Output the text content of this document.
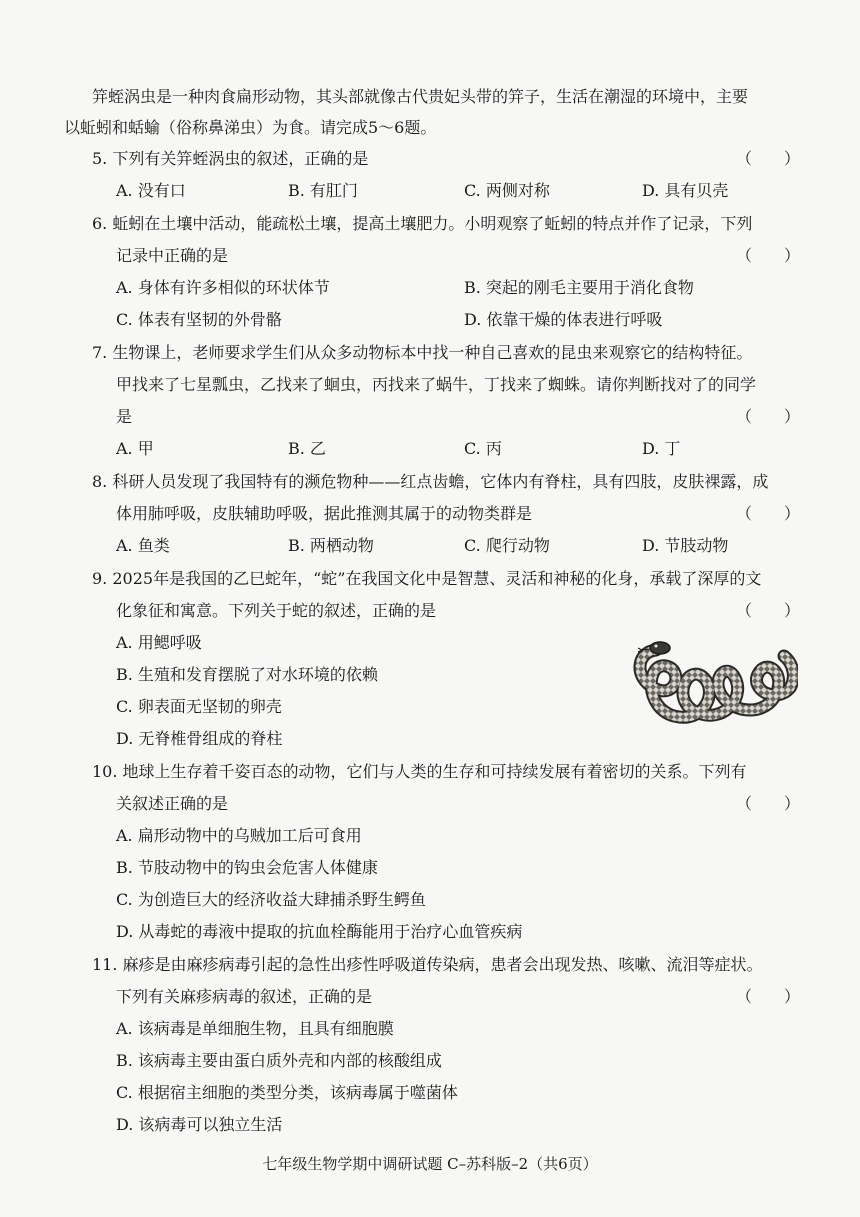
笄蛭涡虫是一种肉食扁形动物，其头部就像古代贵妃头带的笄子，生活在潮湿的环境中，主要
以蚯蚓和蛞蝓（俗称鼻涕虫）为食。请完成5～6题。
5. 下列有关笄蛭涡虫的叙述，正确的是	（　　）
A. 没有口	B. 有肛门	C. 两侧对称	D. 具有贝壳
6. 蚯蚓在土壤中活动，能疏松土壤，提高土壤肥力。小明观察了蚯蚓的特点并作了记录，下列
记录中正确的是	（　　）
A. 身体有许多相似的环状体节	B. 突起的刚毛主要用于消化食物
C. 体表有坚韧的外骨骼	D. 依靠干燥的体表进行呼吸
7. 生物课上，老师要求学生们从众多动物标本中找一种自己喜欢的昆虫来观察它的结构特征。
甲找来了七星瓢虫，乙找来了蛔虫，丙找来了蜗牛，丁找来了蜘蛛。请你判断找对了的同学
是	（　　）
A. 甲	B. 乙	C. 丙	D. 丁
8. 科研人员发现了我国特有的濒危物种——红点齿蟾，它体内有脊柱，具有四肢，皮肤裸露，成
体用肺呼吸，皮肤辅助呼吸，据此推测其属于的动物类群是	（　　）
A. 鱼类	B. 两栖动物	C. 爬行动物	D. 节肢动物
9. 2025年是我国的乙巳蛇年，“蛇”在我国文化中是智慧、灵活和神秘的化身，承载了深厚的文
化象征和寓意。下列关于蛇的叙述，正确的是	（　　）
A. 用鳃呼吸
B. 生殖和发育摆脱了对水环境的依赖
C. 卵表面无坚韧的卵壳
D. 无脊椎骨组成的脊柱
10. 地球上生存着千姿百态的动物，它们与人类的生存和可持续发展有着密切的关系。下列有
关叙述正确的是	（　　）
A. 扁形动物中的乌贼加工后可食用
B. 节肢动物中的钩虫会危害人体健康
C. 为创造巨大的经济收益大肆捕杀野生鳄鱼
D. 从毒蛇的毒液中提取的抗血栓酶能用于治疗心血管疾病
11. 麻疹是由麻疹病毒引起的急性出疹性呼吸道传染病，患者会出现发热、咳嗽、流泪等症状。
下列有关麻疹病毒的叙述，正确的是	（　　）
A. 该病毒是单细胞生物，且具有细胞膜
B. 该病毒主要由蛋白质外壳和内部的核酸组成
C. 根据宿主细胞的类型分类，该病毒属于噬菌体
D. 该病毒可以独立生活
七年级生物学期中调研试题 C–苏科版–2（共6页）
